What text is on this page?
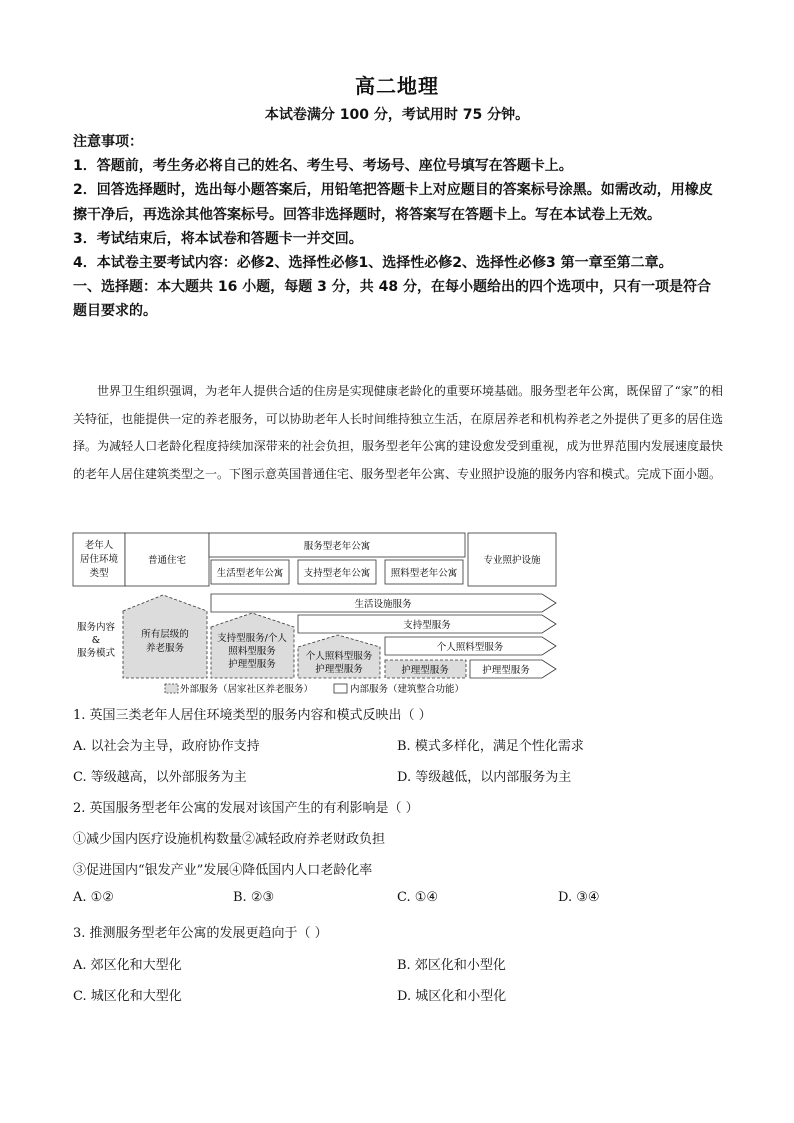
高二地理
本试卷满分 100 分，考试用时 75 分钟。

注意事项：

1．答题前，考生务必将自己的姓名、考生号、考场号、座位号填写在答题卡上。

2．回答选择题时，选出每小题答案后，用铅笔把答题卡上对应题目的答案标号涂黑。如需改动，用橡皮擦干净后，再选涂其他答案标号。回答非选择题时，将答案写在答题卡上。写在本试卷上无效。

3．考试结束后，将本试卷和答题卡一并交回。

4．本试卷主要考试内容：必修2、选择性必修1、选择性必修2、选择性必修3 第一章至第二章。

一、选择题：本大题共 16 小题，每题 3 分，共 48 分，在每小题给出的四个选项中，只有一项是符合题目要求的。

世界卫生组织强调，为老年人提供合适的住房是实现健康老龄化的重要环境基础。服务型老年公寓，既保留了“家”的相关特征，也能提供一定的养老服务，可以协助老年人长时间维持独立生活，在原居养老和机构养老之外提供了更多的居住选择。为减轻人口老龄化程度持续加深带来的社会负担，服务型老年公寓的建设愈发受到重视，成为世界范围内发展速度最快的老年人居住建筑类型之一。下图示意英国普通住宅、服务型老年公寓、专业照护设施的服务内容和模式。完成下面小题。
老年人
居住环境
类型
普通住宅
服务型老年公寓
生活型老年公寓 支持型老年公寓 照料型老年公寓
专业照护设施
服务内容
&
服务模式
所有层级的
养老服务
支持型服务/个人
照料型服务
护理型服务
个人照料型服务
护理型服务	护理型服务
生活设施服务
支持型服务
个人照料型服务
护理型服务
外部服务（居家社区养老服务）	内部服务（建筑整合功能）
1. 英国三类老年人居住环境类型的服务内容和模式反映出（ ）
A. 以社会为主导，政府协作支持	B. 模式多样化，满足个性化需求
C. 等级越高，以外部服务为主	D. 等级越低，以内部服务为主
2. 英国服务型老年公寓的发展对该国产生的有利影响是（ ）
①减少国内医疗设施机构数量②减轻政府养老财政负担
③促进国内“银发产业”发展④降低国内人口老龄化率
A. ①②	B. ②③	C. ①④	D. ③④
3. 推测服务型老年公寓的发展更趋向于（ ）
A. 郊区化和大型化	B. 郊区化和小型化
C. 城区化和大型化	D. 城区化和小型化
